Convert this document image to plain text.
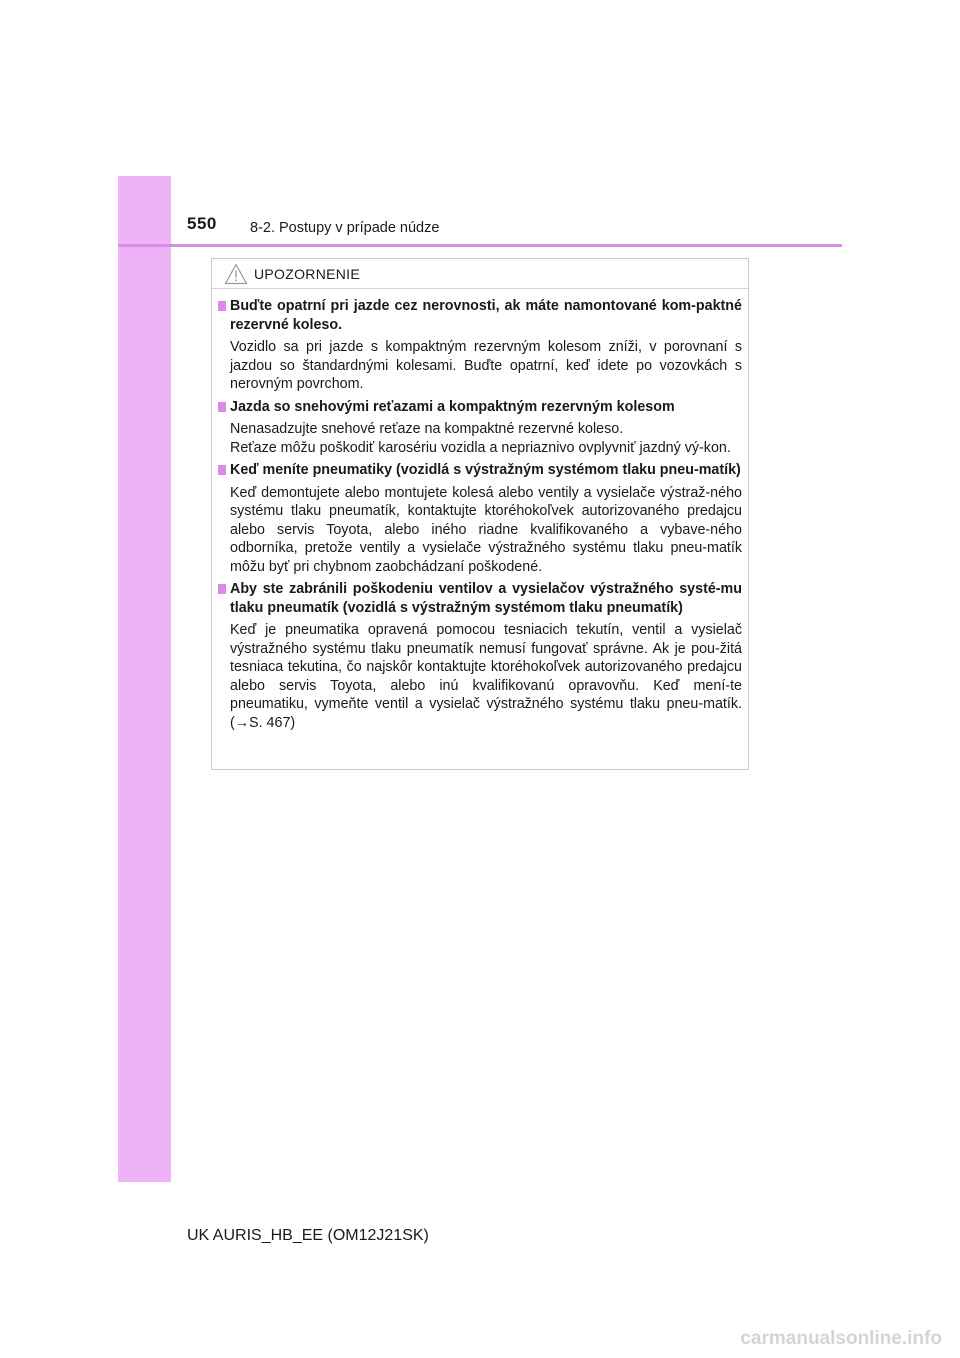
550 8-2. Postupy v prípade núdze
UPOZORNENIE
Buďte opatrní pri jazde cez nerovnosti, ak máte namontované kom-paktné rezervné koleso.

Vozidlo sa pri jazde s kompaktným rezervným kolesom zníži, v porovnaní s jazdou so štandardnými kolesami. Buďte opatrní, keď idete po vozovkách s nerovným povrchom.

Jazda so snehovými reťazami a kompaktným rezervným kolesom

Nenasadzujte snehové reťaze na kompaktné rezervné koleso.

Reťaze môžu poškodiť karosériu vozidla a nepriaznivo ovplyvniť jazdný vý-kon.

Keď meníte pneumatiky (vozidlá s výstražným systémom tlaku pneu-matík)

Keď demontujete alebo montujete kolesá alebo ventily a vysielače výstraž-ného systému tlaku pneumatík, kontaktujte ktoréhokoľvek autorizovaného predajcu alebo servis Toyota, alebo iného riadne kvalifikovaného a vybave-ného odborníka, pretože ventily a vysielače výstražného systému tlaku pneu-matík môžu byť pri chybnom zaobchádzaní poškodené.

Aby ste zabránili poškodeniu ventilov a vysielačov výstražného systé-mu tlaku pneumatík (vozidlá s výstražným systémom tlaku pneumatík)

Keď je pneumatika opravená pomocou tesniacich tekutín, ventil a vysielač výstražného systému tlaku pneumatík nemusí fungovať správne. Ak je pou-žitá tesniaca tekutina, čo najskôr kontaktujte ktoréhokoľvek autorizovaného predajcu alebo servis Toyota, alebo inú kvalifikovanú opravovňu. Keď mení-te pneumatiku, vymeňte ventil a vysielač výstražného systému tlaku pneu-matík. (→S. 467)

UK AURIS_HB_EE (OM12J21SK)
carmanualsonline.info
